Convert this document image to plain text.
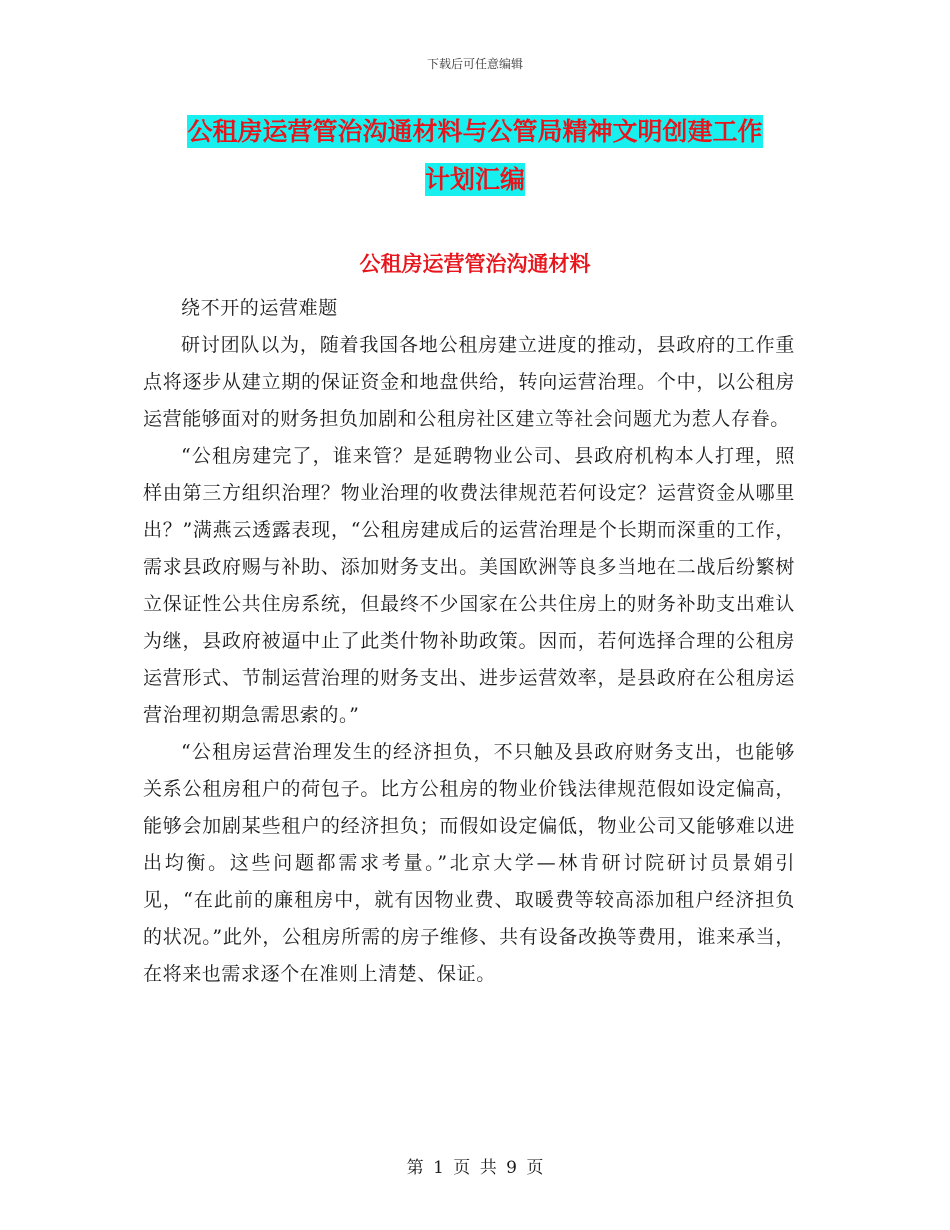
下载后可任意编辑
公租房运营管治沟通材料与公管局精神文明创建工作
计划汇编
公租房运营管治沟通材料

绕不开的运营难题

研讨团队以为，随着我国各地公租房建立进度的推动，县政府的工作重点将逐步从建立期的保证资金和地盘供给，转向运营治理。个中，以公租房运营能够面对的财务担负加剧和公租房社区建立等社会问题尤为惹人存眷。

“公租房建完了，谁来管？是延聘物业公司、县政府机构本人打理，照样由第三方组织治理？物业治理的收费法律规范若何设定？运营资金从哪里出？”满燕云透露表现，“公租房建成后的运营治理是个长期而深重的工作，需求县政府赐与补助、添加财务支出。美国欧洲等良多当地在二战后纷繁树立保证性公共住房系统，但最终不少国家在公共住房上的财务补助支出难认为继，县政府被逼中止了此类什物补助政策。因而，若何选择合理的公租房运营形式、节制运营治理的财务支出、进步运营效率，是县政府在公租房运营治理初期急需思索的。”

“公租房运营治理发生的经济担负，不只触及县政府财务支出，也能够关系公租房租户的荷包子。比方公租房的物业价钱法律规范假如设定偏高，能够会加剧某些租户的经济担负；而假如设定偏低，物业公司又能够难以进出均衡。这些问题都需求考量。”北京大学—林肯研讨院研讨员景娟引见，“在此前的廉租房中，就有因物业费、取暖费等较高添加租户经济担负的状况。”此外，公租房所需的房子维修、共有设备改换等费用，谁来承当，在将来也需求逐个在准则上清楚、保证。

第 1 页 共 9 页
